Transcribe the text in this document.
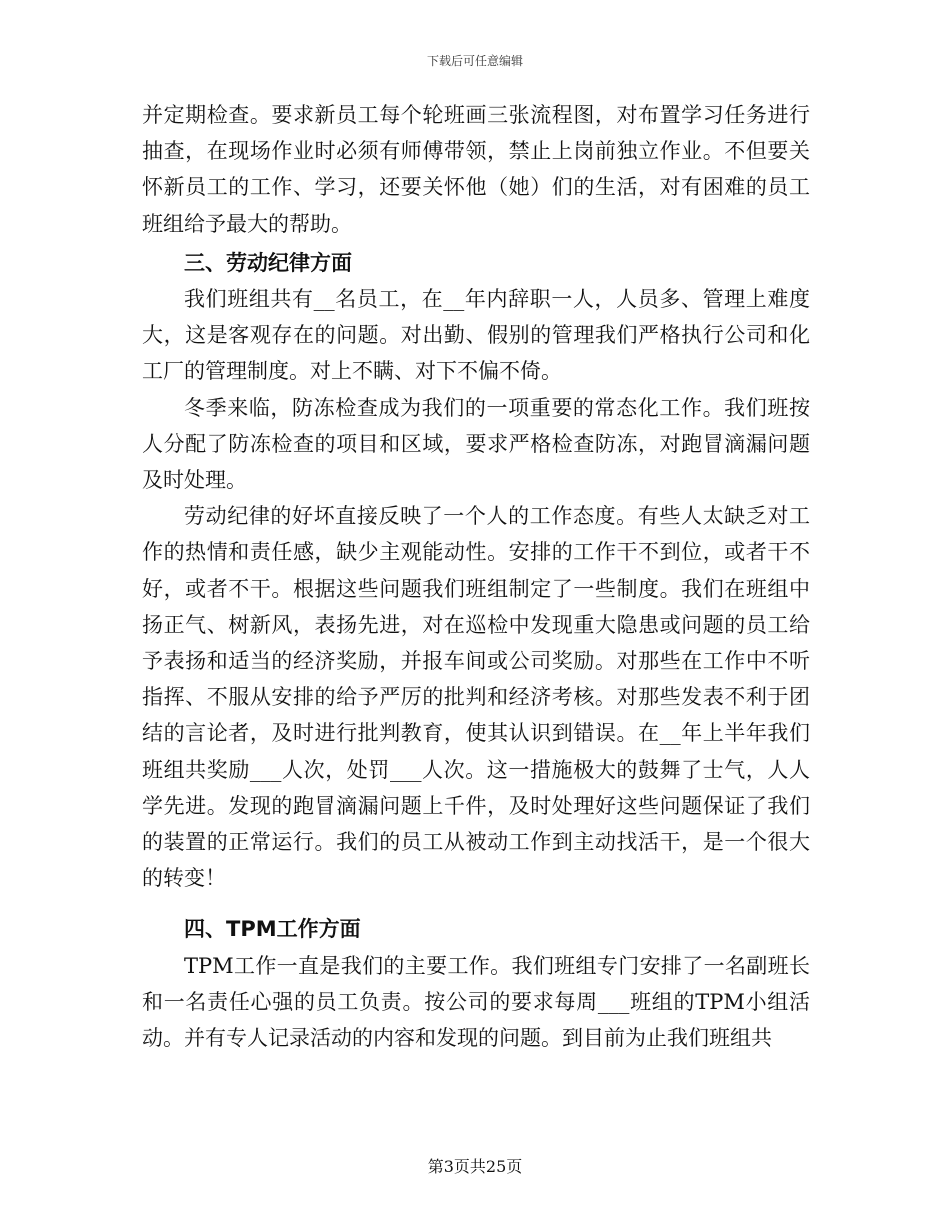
下载后可任意编辑

并定期检查。要求新员工每个轮班画三张流程图，对布置学习任务进行抽查，在现场作业时必须有师傅带领，禁止上岗前独立作业。不但要关怀新员工的工作、学习，还要关怀他（她）们的生活，对有困难的员工班组给予最大的帮助。

三、劳动纪律方面

我们班组共有__名员工，在__年内辞职一人，人员多、管理上难度大，这是客观存在的问题。对出勤、假别的管理我们严格执行公司和化工厂的管理制度。对上不瞒、对下不偏不倚。

冬季来临，防冻检查成为我们的一项重要的常态化工作。我们班按人分配了防冻检查的项目和区域，要求严格检查防冻，对跑冒滴漏问题及时处理。

劳动纪律的好坏直接反映了一个人的工作态度。有些人太缺乏对工作的热情和责任感，缺少主观能动性。安排的工作干不到位，或者干不好，或者不干。根据这些问题我们班组制定了一些制度。我们在班组中扬正气、树新风，表扬先进，对在巡检中发现重大隐患或问题的员工给予表扬和适当的经济奖励，并报车间或公司奖励。对那些在工作中不听指挥、不服从安排的给予严厉的批判和经济考核。对那些发表不利于团结的言论者，及时进行批判教育，使其认识到错误。在__年上半年我们班组共奖励___人次，处罚___人次。这一措施极大的鼓舞了士气，人人学先进。发现的跑冒滴漏问题上千件，及时处理好这些问题保证了我们的装置的正常运行。我们的员工从被动工作到主动找活干，是一个很大的转变！

四、TPM工作方面

TPM工作一直是我们的主要工作。我们班组专门安排了一名副班长和一名责任心强的员工负责。按公司的要求每周___班组的TPM小组活动。并有专人记录活动的内容和发现的问题。到目前为止我们班组共

第3页共25页
